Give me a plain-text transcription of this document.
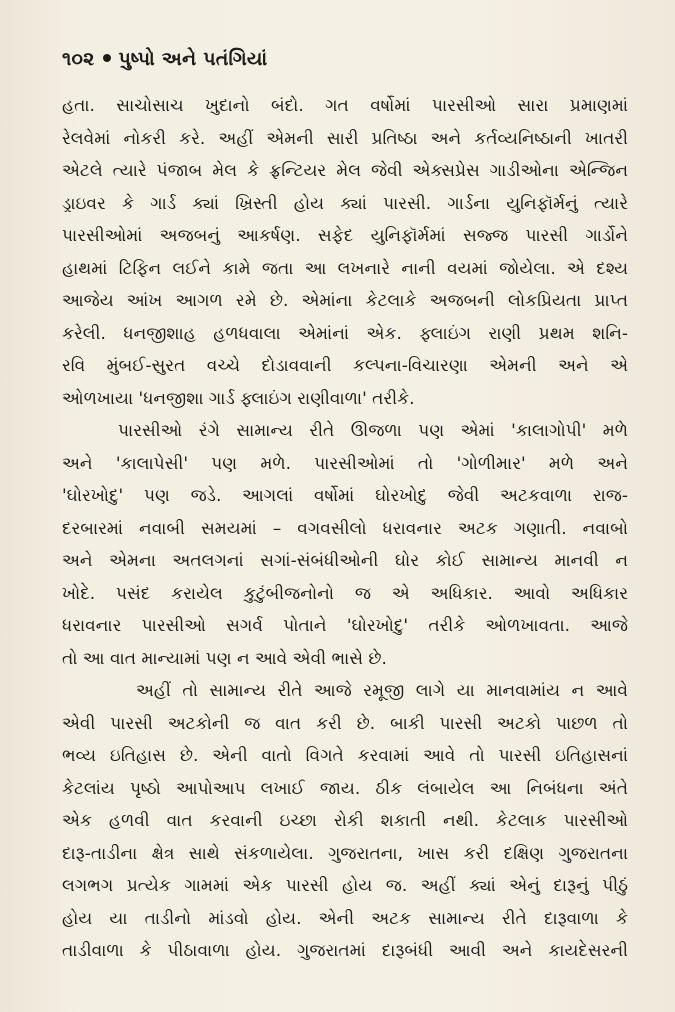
૧૦૨ પુષ્પો અને પતંગિયાં
હતા. સાચોસાચ ખુદાનો બંદો. ગત વર્ષોમાં પારસીઓ સારા પ્રમાણમાં
રેલવેમાં નોકરી કરે. અહીં એમની સારી પ્રતિષ્ઠા અને કર્તવ્યનિષ્ઠાની ખાતરી
એટલે ત્યારે પંજાબ મેલ કે ફ્રન્ટિયર મેલ જેવી એક્સપ્રેસ ગાડીઓના એન્જિન
ડ્રાઇવર કે ગાર્ડ ક્યાં ખ્રિસ્તી હોય ક્યાં પારસી. ગાર્ડના યુનિફૉર્મનું ત્યારે
પારસીઓમાં અજબનું આકર્ષણ. સફેદ યુનિફૉર્મમાં સજ્જ પારસી ગાર્ડોને
હાથમાં ટિફિન લઈને કામે જતા આ લખનારે નાની વયમાં જોયેલા. એ દશ્ય
આજેય આંખ આગળ રમે છે. એમાંના કેટલાકે અજબની લોકપ્રિયતા પ્રાપ્ત
કરેલી. ધનજીશાહ હળધવાલા એમાંનાં એક. ફ્લાઇંગ રાણી પ્રથમ શનિ-
રવિ મુંબઈ-સુરત વચ્ચે દોડાવવાની કલ્પના-વિચારણા એમની અને એ
ઓળખાયા 'ધનજીશા ગાર્ડ ફ્લાઇંગ રાણીવાળા' તરીકે.
પારસીઓ રંગે સામાન્ય રીતે ઊજળા પણ એમાં 'કાલાગોપી' મળે
અને 'કાલાપેસી' પણ મળે. પારસીઓમાં તો 'ગોળીમાર' મળે અને
'ઘોરખોદુ' પણ જડે. આગલાં વર્ષોમાં ઘોરખોદુ જેવી અટકવાળા રાજ-
દરબારમાં નવાબી સમયમાં – વગવસીલો ધરાવનાર અટક ગણાતી. નવાબો
અને એમના અતલગનાં સગાં-સંબંધીઓની ઘોર કોઈ સામાન્ય માનવી ન
ખોદે. પસંદ કરાયેલ કુટુંબીજનોનો જ એ અધિકાર. આવો અધિકાર
ધરાવનાર પારસીઓ સગર્વ પોતાને 'ઘોરખોદુ' તરીકે ઓળખાવતા. આજે
તો આ વાત માન્યામાં પણ ન આવે એવી ભાસે છે.
અહીં તો સામાન્ય રીતે આજે રમૂજી લાગે યા માનવામાંય ન આવે
એવી પારસી અટકોની જ વાત કરી છે. બાકી પારસી અટકો પાછળ તો
ભવ્ય ઇતિહાસ છે. એની વાતો વિગતે કરવામાં આવે તો પારસી ઇતિહાસનાં
કેટલાંય પૃષ્ઠો આપોઆપ લખાઈ જાય. ઠીક લંબાયેલ આ નિબંધના અંતે
એક હળવી વાત કરવાની ઇચ્છા રોકી શકાતી નથી. કેટલાક પારસીઓ
દારૂ-તાડીના ક્ષેત્ર સાથે સંકળાયેલા. ગુજરાતના, ખાસ કરી દક્ષિણ ગુજરાતના
લગભગ પ્રત્યેક ગામમાં એક પારસી હોય જ. અહીં ક્યાં એનું દારૂનું પીઠું
હોય યા તાડીનો માંડવો હોય. એની અટક સામાન્ય રીતે દારૂવાળા કે
તાડીવાળા કે પીઠાવાળા હોય. ગુજરાતમાં દારૂબંધી આવી અને કાયદેસરની
